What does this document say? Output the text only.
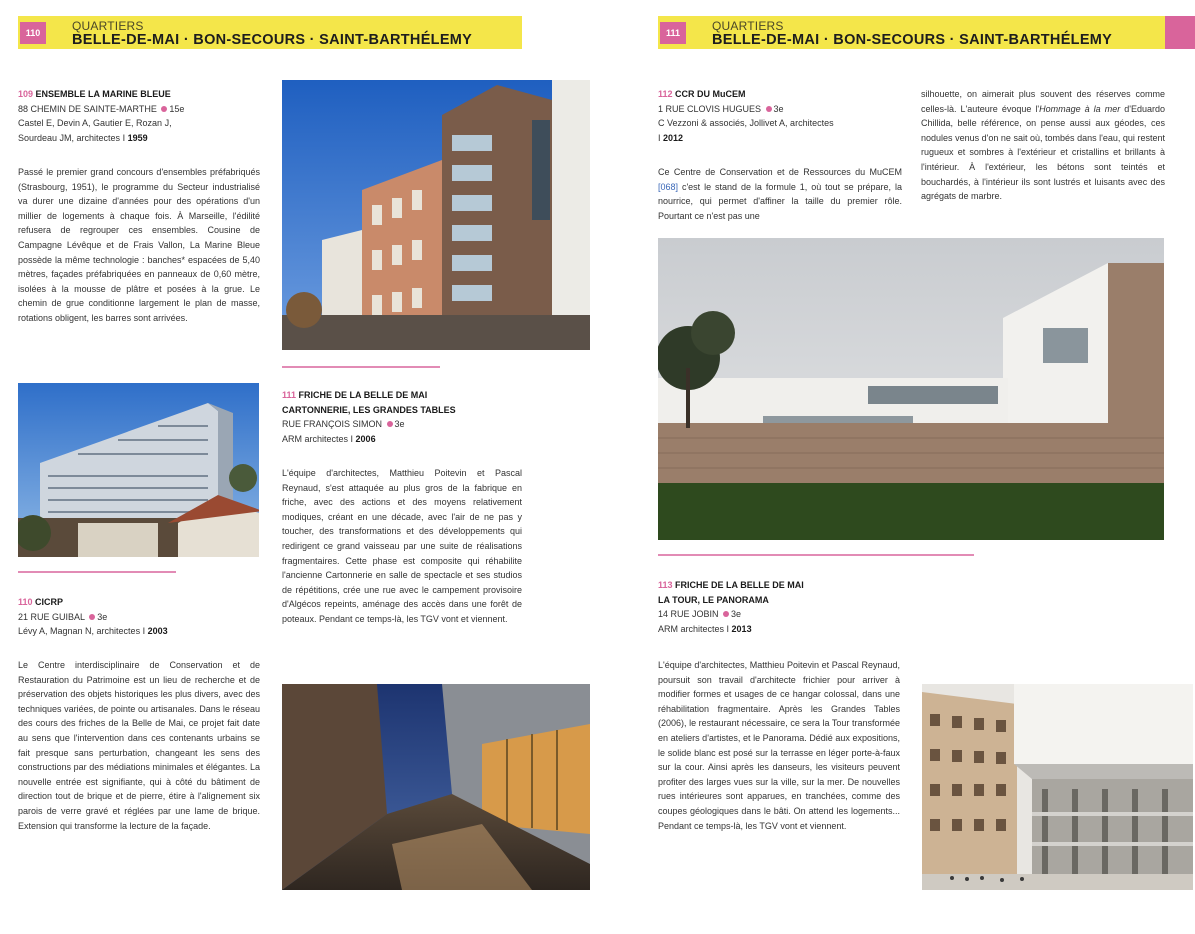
110	QUARTIERS
BELLE-DE-MAI · BON-SECOURS · SAINT-BARTHÉLEMY
109 ENSEMBLE LA MARINE BLEUE
88 CHEMIN DE SAINTE-MARTHE 15e
Castel E, Devin A, Gautier E, Rozan J,
Sourdeau JM, architectes I 1959
Passé le premier grand concours d'ensembles préfabriqués (Strasbourg, 1951), le programme du Secteur industrialisé va durer une dizaine d'années pour des opérations d'un millier de logements à chaque fois. À Marseille, l'édilité refusera de regrouper ces ensembles. Cousine de Campagne Lévêque et de Frais Vallon, La Marine Bleue possède la même technologie : banches* espacées de 5,40 mètres, façades préfabriquées en panneaux de 0,60 mètre, isolées à la mousse de plâtre et posées à la grue. Le chemin de grue conditionne largement le plan de masse, rotations obligent, les barres sont arrivées.
110 CICRP
21 RUE GUIBAL 3e
Lévy A, Magnan N, architectes I 2003
Le Centre interdisciplinaire de Conservation et de Restauration du Patrimoine est un lieu de recherche et de préservation des objets historiques les plus divers, avec des techniques variées, de pointe ou artisanales. Dans le réseau des cours des friches de la Belle de Mai, ce projet fait date au sens que l'intervention dans ces contenants urbains se fait presque sans perturbation, changeant les sens des constructions par des médiations minimales et élégantes. La nouvelle entrée est signifiante, qui à côté du bâtiment de direction tout de brique et de pierre, étire à l'alignement six parois de verre gravé et réglées par une lame de brique. Extension qui transforme la lecture de la façade.
111 FRICHE DE LA BELLE DE MAI
CARTONNERIE, LES GRANDES TABLES
RUE FRANÇOIS SIMON 3e
ARM architectes I 2006
L'équipe d'architectes, Matthieu Poitevin et Pascal Reynaud, s'est attaquée au plus gros de la fabrique en friche, avec des actions et des moyens relativement modiques, créant en une décade, avec l'air de ne pas y toucher, des transformations et des développements qui redirigent ce grand vaisseau par une suite de réalisations fragmentaires. Cette phase est composite qui réhabilite l'ancienne Cartonnerie en salle de spectacle et ses studios de répétitions, crée une rue avec le campement provisoire d'Algécos repeints, aménage des accès dans une forêt de poteaux. Pendant ce temps-là, les TGV vont et viennent.
111	QUARTIERS
BELLE-DE-MAI · BON-SECOURS · SAINT-BARTHÉLEMY
112 CCR DU MuCEM
1 RUE CLOVIS HUGUES 3e
C Vezzoni & associés, Jollivet A, architectes
I 2012
Ce Centre de Conservation et de Ressources du MuCEM [068] c'est le stand de la formule 1, où tout se prépare, la nourrice, qui permet d'affiner la taille du premier rôle. Pourtant ce n'est pas une
silhouette, on aimerait plus souvent des réserves comme celles-là. L'auteure évoque l'Hommage à la mer d'Eduardo Chillida, belle référence, on pense aussi aux géodes, ces nodules venus d'on ne sait où, tombés dans l'eau, qui restent rugueux et sombres à l'extérieur et cristallins et brillants à l'intérieur. À l'extérieur, les bétons sont teintés et bouchardés, à l'intérieur ils sont lustrés et luisants avec des agrégats de marbre.
113 FRICHE DE LA BELLE DE MAI
LA TOUR, LE PANORAMA
14 RUE JOBIN 3e
ARM architectes I 2013
L'équipe d'architectes, Matthieu Poitevin et Pascal Reynaud, poursuit son travail d'architecte frichier pour arriver à modifier formes et usages de ce hangar colossal, dans une réhabilitation fragmentaire. Après les Grandes Tables (2006), le restaurant nécessaire, ce sera la Tour transformée en ateliers d'artistes, et le Panorama. Dédié aux expositions, le solide blanc est posé sur la terrasse en léger porte-à-faux sur la cour. Ainsi après les danseurs, les visiteurs peuvent profiter des larges vues sur la ville, sur la mer. De nouvelles rues intérieures sont apparues, en tranchées, comme des coupes géologiques dans le bâti. On attend les logements... Pendant ce temps-là, les TGV vont et viennent.
